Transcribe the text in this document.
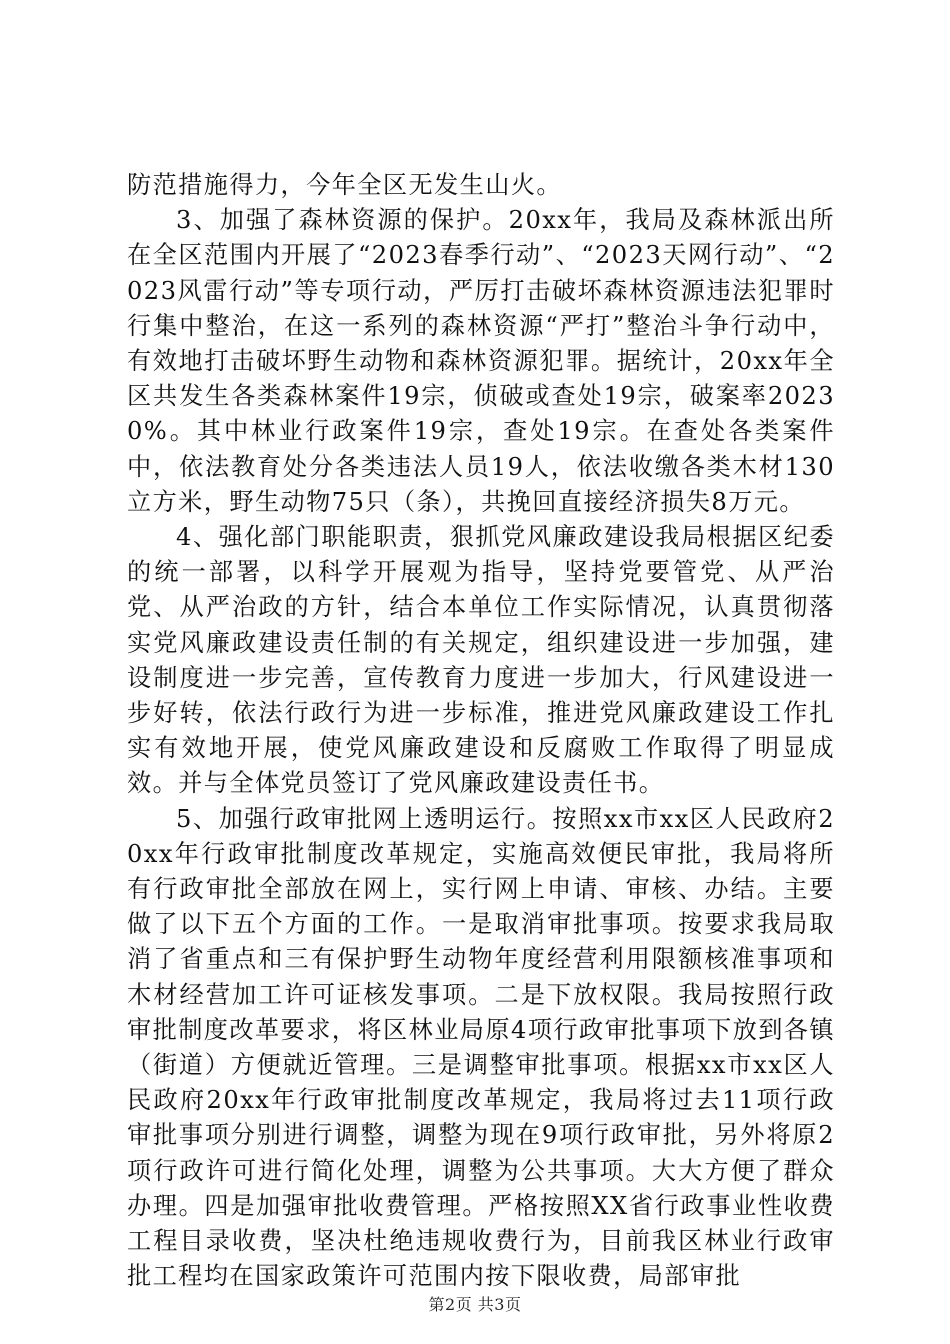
防范措施得力，今年全区无发生山火。

3、加强了森林资源的保护。20xx年，我局及森林派出所在全区范围内开展了“2023春季行动”、“2023天网行动”、“2023风雷行动”等专项行动，严厉打击破坏森林资源违法犯罪时行集中整治，在这一系列的森林资源“严打”整治斗争行动中，有效地打击破坏野生动物和森林资源犯罪。据统计，20xx年全区共发生各类森林案件19宗，侦破或查处19宗，破案率20230%。其中林业行政案件19宗，查处19宗。在查处各类案件中，依法教育处分各类违法人员19人，依法收缴各类木材130立方米，野生动物75只（条），共挽回直接经济损失8万元。

4、强化部门职能职责，狠抓党风廉政建设我局根据区纪委的统一部署，以科学开展观为指导，坚持党要管党、从严治党、从严治政的方针，结合本单位工作实际情况，认真贯彻落实党风廉政建设责任制的有关规定，组织建设进一步加强，建设制度进一步完善，宣传教育力度进一步加大，行风建设进一步好转，依法行政行为进一步标准，推进党风廉政建设工作扎实有效地开展，使党风廉政建设和反腐败工作取得了明显成效。并与全体党员签订了党风廉政建设责任书。

5、加强行政审批网上透明运行。按照xx市xx区人民政府20xx年行政审批制度改革规定，实施高效便民审批，我局将所有行政审批全部放在网上，实行网上申请、审核、办结。主要做了以下五个方面的工作。一是取消审批事项。按要求我局取消了省重点和三有保护野生动物年度经营利用限额核准事项和木材经营加工许可证核发事项。二是下放权限。我局按照行政审批制度改革要求，将区林业局原4项行政审批事项下放到各镇（街道）方便就近管理。三是调整审批事项。根据xx市xx区人民政府20xx年行政审批制度改革规定，我局将过去11项行政审批事项分别进行调整，调整为现在9项行政审批，另外将原2项行政许可进行简化处理，调整为公共事项。大大方便了群众办理。四是加强审批收费管理。严格按照XX省行政事业性收费工程目录收费，坚决杜绝违规收费行为，目前我区林业行政审批工程均在国家政策许可范围内按下限收费，局部审批

第2页 共3页
